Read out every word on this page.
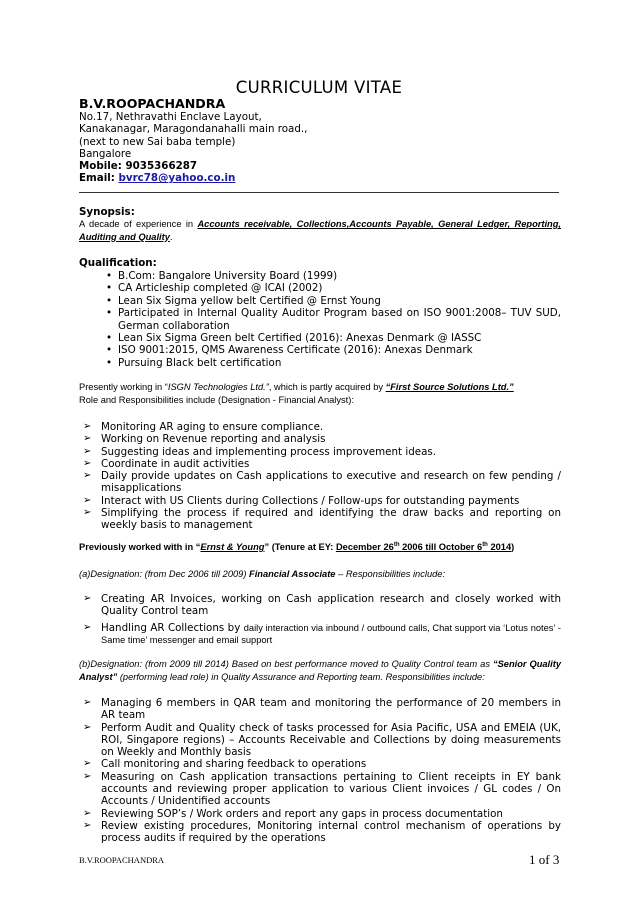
CURRICULUM VITAE
B.V.ROOPACHANDRA
No.17, Nethravathi Enclave Layout,
Kanakanagar, Maragondanahalli main road.,
(next to new Sai baba temple)
Bangalore
Mobile: 9035366287
Email: bvrc78@yahoo.co.in
Synopsis:
A decade of experience in Accounts receivable, Collections,Accounts Payable, General Ledger, Reporting, Auditing and Quality.
Qualification:
• B.Com: Bangalore University Board (1999)
• CA Articleship completed @ ICAI (2002)
• Lean Six Sigma yellow belt Certified @ Ernst Young
• Participated in Internal Quality Auditor Program based on ISO 9001:2008– TUV SUD, German collaboration
• Lean Six Sigma Green belt Certified (2016): Anexas Denmark @ IASSC
• ISO 9001:2015, QMS Awareness Certificate (2016): Anexas Denmark
• Pursuing Black belt certification
Presently working in “ISGN Technologies Ltd.”, which is partly acquired by “First Source Solutions Ltd.”
Role and Responsibilities include (Designation - Financial Analyst):
➢ Monitoring AR aging to ensure compliance.
➢ Working on Revenue reporting and analysis
➢ Suggesting ideas and implementing process improvement ideas.
➢ Coordinate in audit activities
➢ Daily provide updates on Cash applications to executive and research on few pending / misapplications
➢ Interact with US Clients during Collections / Follow-ups for outstanding payments
➢ Simplifying the process if required and identifying the draw backs and reporting on weekly basis to management
Previously worked with in “Ernst & Young” (Tenure at EY: December 26th 2006 till October 6th 2014)
(a)Designation: (from Dec 2006 till 2009) Financial Associate – Responsibilities include:
➢ Creating AR Invoices, working on Cash application research and closely worked with Quality Control team
➢ Handling AR Collections by daily interaction via inbound / outbound calls, Chat support via ‘Lotus notes’ - Same time’ messenger and email support
(b)Designation: (from 2009 till 2014) Based on best performance moved to Quality Control team as “Senior Quality Analyst” (performing lead role) in Quality Assurance and Reporting team. Responsibilities include:
➢ Managing 6 members in QAR team and monitoring the performance of 20 members in AR team
➢ Perform Audit and Quality check of tasks processed for Asia Pacific, USA and EMEIA (UK, ROI, Singapore regions) – Accounts Receivable and Collections by doing measurements on Weekly and Monthly basis
➢ Call monitoring and sharing feedback to operations
➢ Measuring on Cash application transactions pertaining to Client receipts in EY bank accounts and reviewing proper application to various Client invoices / GL codes / On Accounts / Unidentified accounts
➢ Reviewing SOP’s / Work orders and report any gaps in process documentation
➢ Review existing procedures, Monitoring internal control mechanism of operations by process audits if required by the operations
B.V.ROOPACHANDRA	1 of 3
